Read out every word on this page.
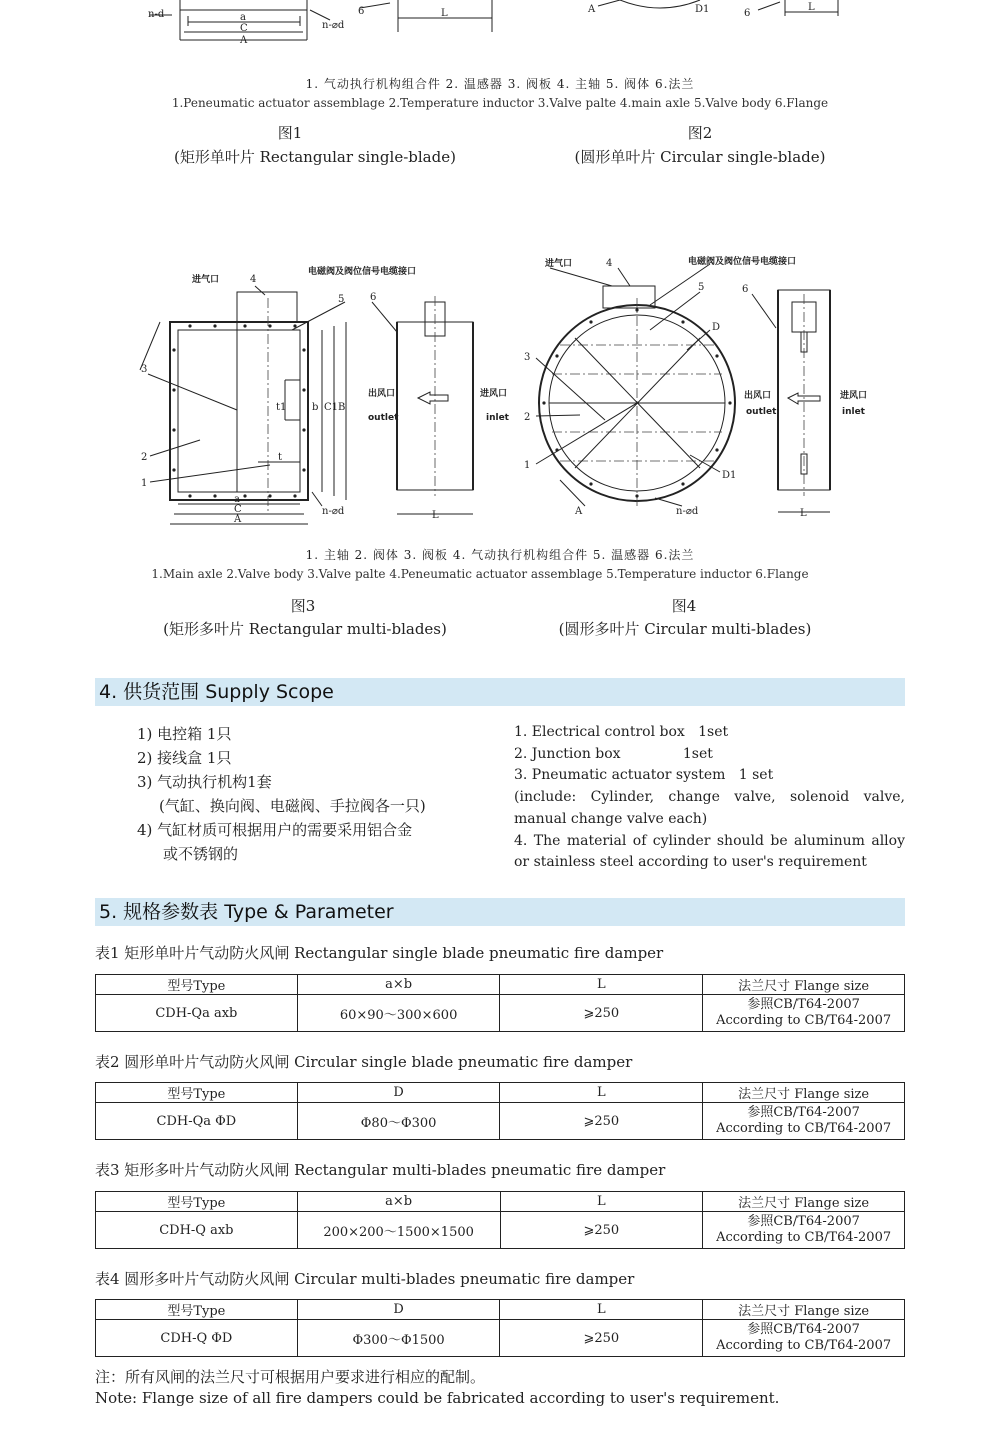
n-d	a
C
A
n-⌀d
6	L	A	D1	6
L
1. 气动执行机构组合件 2. 温感器 3. 阀板 4. 主轴 5. 阀体 6.法兰
1.Peneumatic actuator assemblage 2.Temperature inductor 3.Valve palte 4.main axle 5.Valve body 6.Flange
图1
(矩形单叶片 Rectangular single-blade)
图2
(圆形单叶片 Circular single-blade)
进气口
电磁阀及阀位信号电缆接口
4
5
3
2
1
t1	b C1 B
t
a
C
A
n-⌀d
6
出风口
outlet
进风口
inlet
L
进气口	电磁阀及阀位信号电缆接口
4
5
D
3
2
1
D1
A	n-⌀d
6
出风口
outlet
进风口
inlet
L
1. 主轴 2. 阀体 3. 阀板 4. 气动执行机构组合件 5. 温感器 6.法兰
1.Main axle 2.Valve body 3.Valve palte 4.Peneumatic actuator assemblage 5.Temperature inductor 6.Flange
图3
(矩形多叶片 Rectangular multi-blades)
图4
(圆形多叶片 Circular multi-blades)
4. 供货范围 Supply Scope
1) 电控箱 1只
2) 接线盒 1只
3) 气动执行机构1套
(气缸、换向阀、电磁阀、手拉阀各一只)
4) 气缸材质可根据用户的需要采用铝合金
或不锈钢的
1. Electrical control box   1set
2. Junction box              1set
3. Pneumatic actuator system   1 set
(include: Cylinder, change valve, solenoid valve, manual change valve each)
4. The material of cylinder should be aluminum alloy or stainless steel according to user's requirement
5. 规格参数表 Type & Parameter
表1 矩形单叶片气动防火风闸 Rectangular single blade pneumatic fire damper
型号Type	a×b	L	法兰尺寸 Flange size
CDH-Qa axb	60×90～300×600	⩾250	参照CB/T64-2007
According to CB/T64-2007
表2 圆形单叶片气动防火风闸 Circular single blade pneumatic fire damper
型号Type	D	L	法兰尺寸 Flange size
CDH-Qa ΦD	Φ80～Φ300	⩾250	参照CB/T64-2007
According to CB/T64-2007
表3 矩形多叶片气动防火风闸 Rectangular multi-blades pneumatic fire damper
型号Type	a×b	L	法兰尺寸 Flange size
CDH-Q axb	200×200～1500×1500	⩾250	参照CB/T64-2007
According to CB/T64-2007
表4 圆形多叶片气动防火风闸 Circular multi-blades pneumatic fire damper
型号Type	D	L	法兰尺寸 Flange size
CDH-Q ΦD	Φ300～Φ1500	⩾250	参照CB/T64-2007
According to CB/T64-2007
注：所有风闸的法兰尺寸可根据用户要求进行相应的配制。
Note: Flange size of all fire dampers could be fabricated according to user's requirement.
